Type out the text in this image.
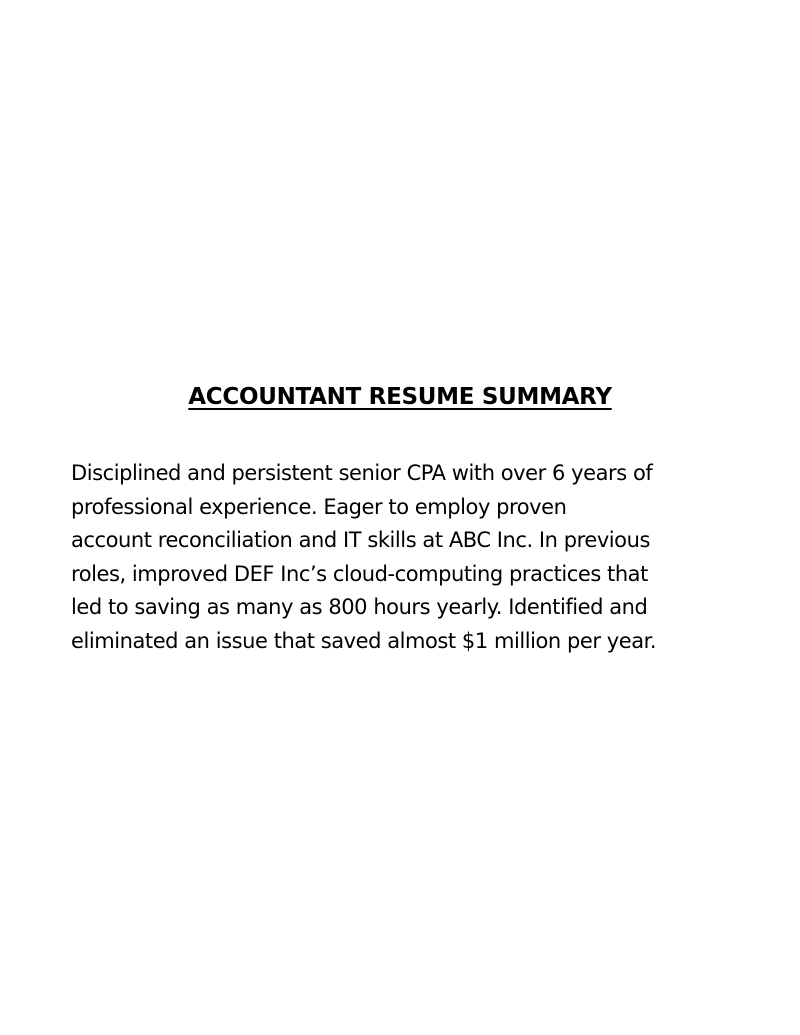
ACCOUNTANT RESUME SUMMARY
Disciplined and persistent senior CPA with over 6 years of
professional experience. Eager to employ proven
account reconciliation and IT skills at ABC Inc. In previous
roles, improved DEF Inc’s cloud-computing practices that
led to saving as many as 800 hours yearly. Identified and
eliminated an issue that saved almost $1 million per year.
